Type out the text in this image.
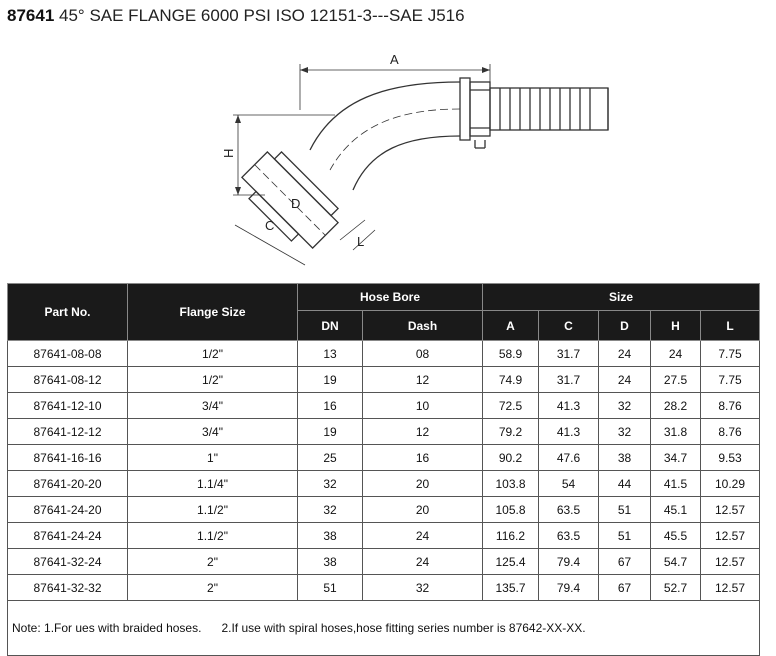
87641 45° SAE FLANGE 6000 PSI ISO 12151-3---SAE J516
A
H
C
D
L
Part No.	Flange Size	Hose Bore		Size				
		DN	Dash	A	C	D	H	L
87641-08-08	1/2"	13	08	58.9	31.7	24	24	7.75
87641-08-12	1/2"	19	12	74.9	31.7	24	27.5	7.75
87641-12-10	3/4"	16	10	72.5	41.3	32	28.2	8.76
87641-12-12	3/4"	19	12	79.2	41.3	32	31.8	8.76
87641-16-16	1"	25	16	90.2	47.6	38	34.7	9.53
87641-20-20	1.1/4"	32	20	103.8	54	44	41.5	10.29
87641-24-20	1.1/2"	32	20	105.8	63.5	51	45.1	12.57
87641-24-24	1.1/2"	38	24	116.2	63.5	51	45.5	12.57
87641-32-24	2"	38	24	125.4	79.4	67	54.7	12.57
87641-32-32	2"	51	32	135.7	79.4	67	52.7	12.57
Note: 1.For ues with braided hoses. 2.If use with spiral hoses,hose fitting series number is 87642-XX-XX.								
